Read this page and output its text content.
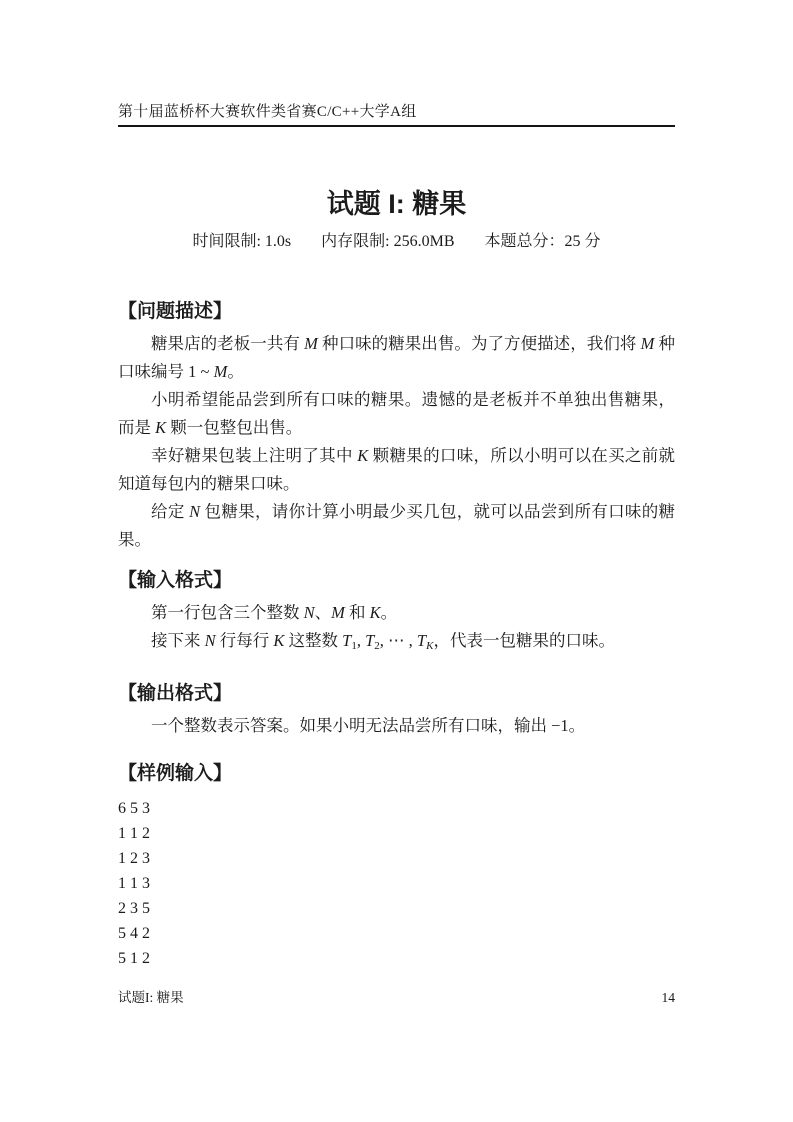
第十届蓝桥杯大赛软件类省赛C/C++大学A组
试题 I: 糖果
时间限制: 1.0s 内存限制: 256.0MB 本题总分：25 分
【问题描述】

糖果店的老板一共有 M 种口味的糖果出售。为了方便描述，我们将 M 种口味编号 1 ~ M。

小明希望能品尝到所有口味的糖果。遗憾的是老板并不单独出售糖果，而是 K 颗一包整包出售。

幸好糖果包装上注明了其中 K 颗糖果的口味，所以小明可以在买之前就知道每包内的糖果口味。

给定 N 包糖果，请你计算小明最少买几包，就可以品尝到所有口味的糖果。

【输入格式】

第一行包含三个整数 N、M 和 K。

接下来 N 行每行 K 这整数 T1, T2, ⋯ , TK，代表一包糖果的口味。

【输出格式】

一个整数表示答案。如果小明无法品尝所有口味，输出 −1。

【样例输入】
6 5 3
1 1 2
1 2 3
1 1 3
2 3 5
5 4 2
5 1 2
试题I: 糖果	14
